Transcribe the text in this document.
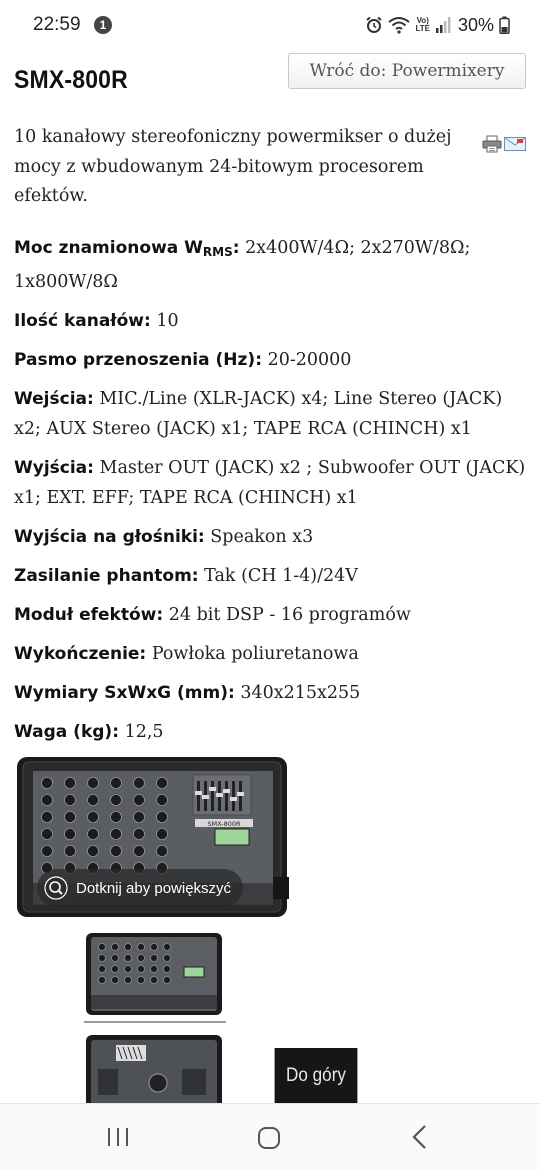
22:59	1	Vo)
LTE 30%
SMX-800R	Wróć do: Powermixery

10 kanałowy stereofoniczny powermikser o dużej mocy z wbudowanym 24-bitowym procesorem efektów.

Moc znamionowa $W_{RMS}$: 2x400W/4Ω; 2x270W/8Ω; 1x800W/8Ω
Ilość kanałów: 10
Pasmo przenoszenia (Hz): 20-20000
Wejścia: MIC./Line (XLR-JACK) x4; Line Stereo (JACK) x2; AUX Stereo (JACK) x1; TAPE RCA (CHINCH) x1
Wyjścia: Master OUT (JACK) x2 ; Subwoofer OUT (JACK) x1; EXT. EFF; TAPE RCA (CHINCH) x1
Wyjścia na głośniki: Speakon x3
Zasilanie phantom: Tak (CH 1-4)/24V
Moduł efektów: 24 bit DSP - 16 programów
Wykończenie: Powłoka poliuretanowa
Wymiary SxWxG (mm): 340x215x255
Waga (kg): 12,5
SMX-800R
Dotknij aby powiększyć
Do góry
